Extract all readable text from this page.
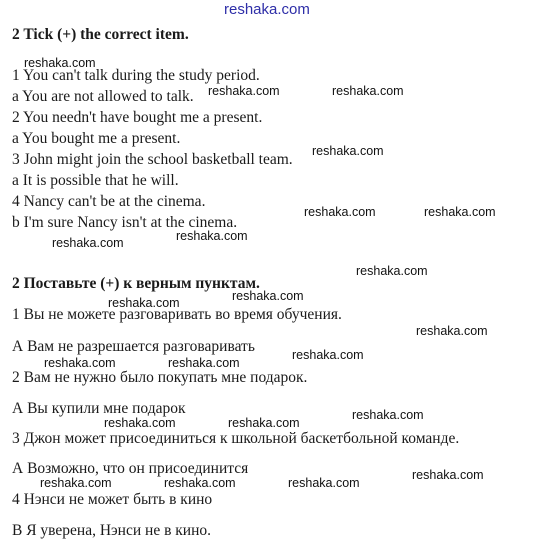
reshaka.com
2 Tick (+) the correct item.
1 You can't talk during the study period.
a You are not allowed to talk.
2 You needn't have bought me a present.
a You bought me a present.
3 John might join the school basketball team.
a It is possible that he will.
4 Nancy can't be at the cinema.
b I'm sure Nancy isn't at the cinema.
2 Поставьте (+) к верным пунктам.
1 Вы не можете разговаривать во время обучения.
А Вам не разрешается разговаривать
2 Вам не нужно было покупать мне подарок.
А Вы купили мне подарок
3 Джон может присоединиться к школьной баскетбольной команде.
А Возможно, что он присоединится
4 Нэнси не может быть в кино
В Я уверена, Нэнси не в кино.
reshaka.com
reshaka.com	reshaka.com
reshaka.com
reshaka.com	reshaka.com
reshaka.com
reshaka.com
reshaka.com
reshaka.com
reshaka.com
reshaka.com
reshaka.com
reshaka.com	reshaka.com
reshaka.com
reshaka.com	reshaka.com
reshaka.com
reshaka.com	reshaka.com	reshaka.com
